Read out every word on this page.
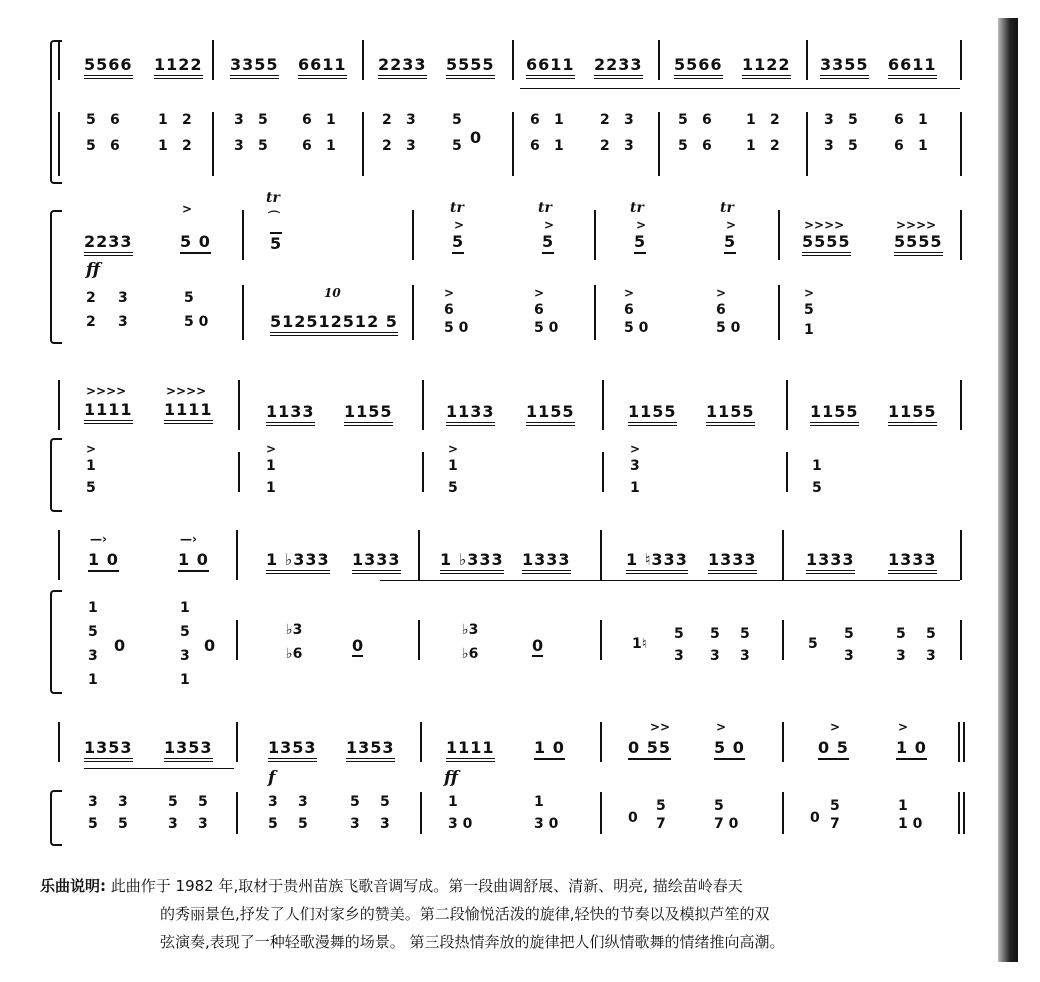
5566 1122 3355 6611 2233 5555 6611 2233 5566 1122 3355 6611
5 6	1 2
5 6	1 2
3 5 6 1
3 5 6 1
2 3	5
2 3	5 0
6 1	2 3
6 1	2 3
5 6 1 2
5 6 1 2
3 5	6 1
3 5	6 1
2233
>
5 0
ff
tr
⌒
5
tr
>
5
tr
>
5
tr
>
5
tr
>
5
>>>>
5555
>>>>
5555
2 3	5
2 3	5 0
10
512512512 5
>
6
5 0
>
6
5 0
>
6
5 0
>
6
5 0
>
5
1
>>>>
1111
>>>>
1111	1133 1155	1133 1155	1155 1155	1155 1155
>
1
5
>
1
1
>
1
5
>
3
1
1
5
—›
1 0
—›
1 0	1 ♭333 1333 1 ♭333 1333	1 ♮333 1333	1333 1333
1
5
3
1
0
1
5
3
1
0
♭3
♭6	0
♭3
♭6	0	1♮
5
3
5
3
5
3
5
5
3
5
3
5
3
1353 1353	1353 1353
f
1111 1 0
ff
>>
0 55
>
5 0
>
0 5
>
1 0
3
5
3
5
5
3
5
3
3
5
3
5
5
3
5
3
1
3 0
1
3 0	0
5
7
5
7 0	0
5
7
1
1 0
乐曲说明: 此曲作于 1982 年,取材于贵州苗族飞歌音调写成。第一段曲调舒展、清新、明亮, 描绘苗岭春天
的秀丽景色,抒发了人们对家乡的赞美。第二段愉悦活泼的旋律,轻快的节奏以及模拟芦笙的双
弦演奏,表现了一种轻歌漫舞的场景。 第三段热情奔放的旋律把人们纵情歌舞的情绪推向高潮。
